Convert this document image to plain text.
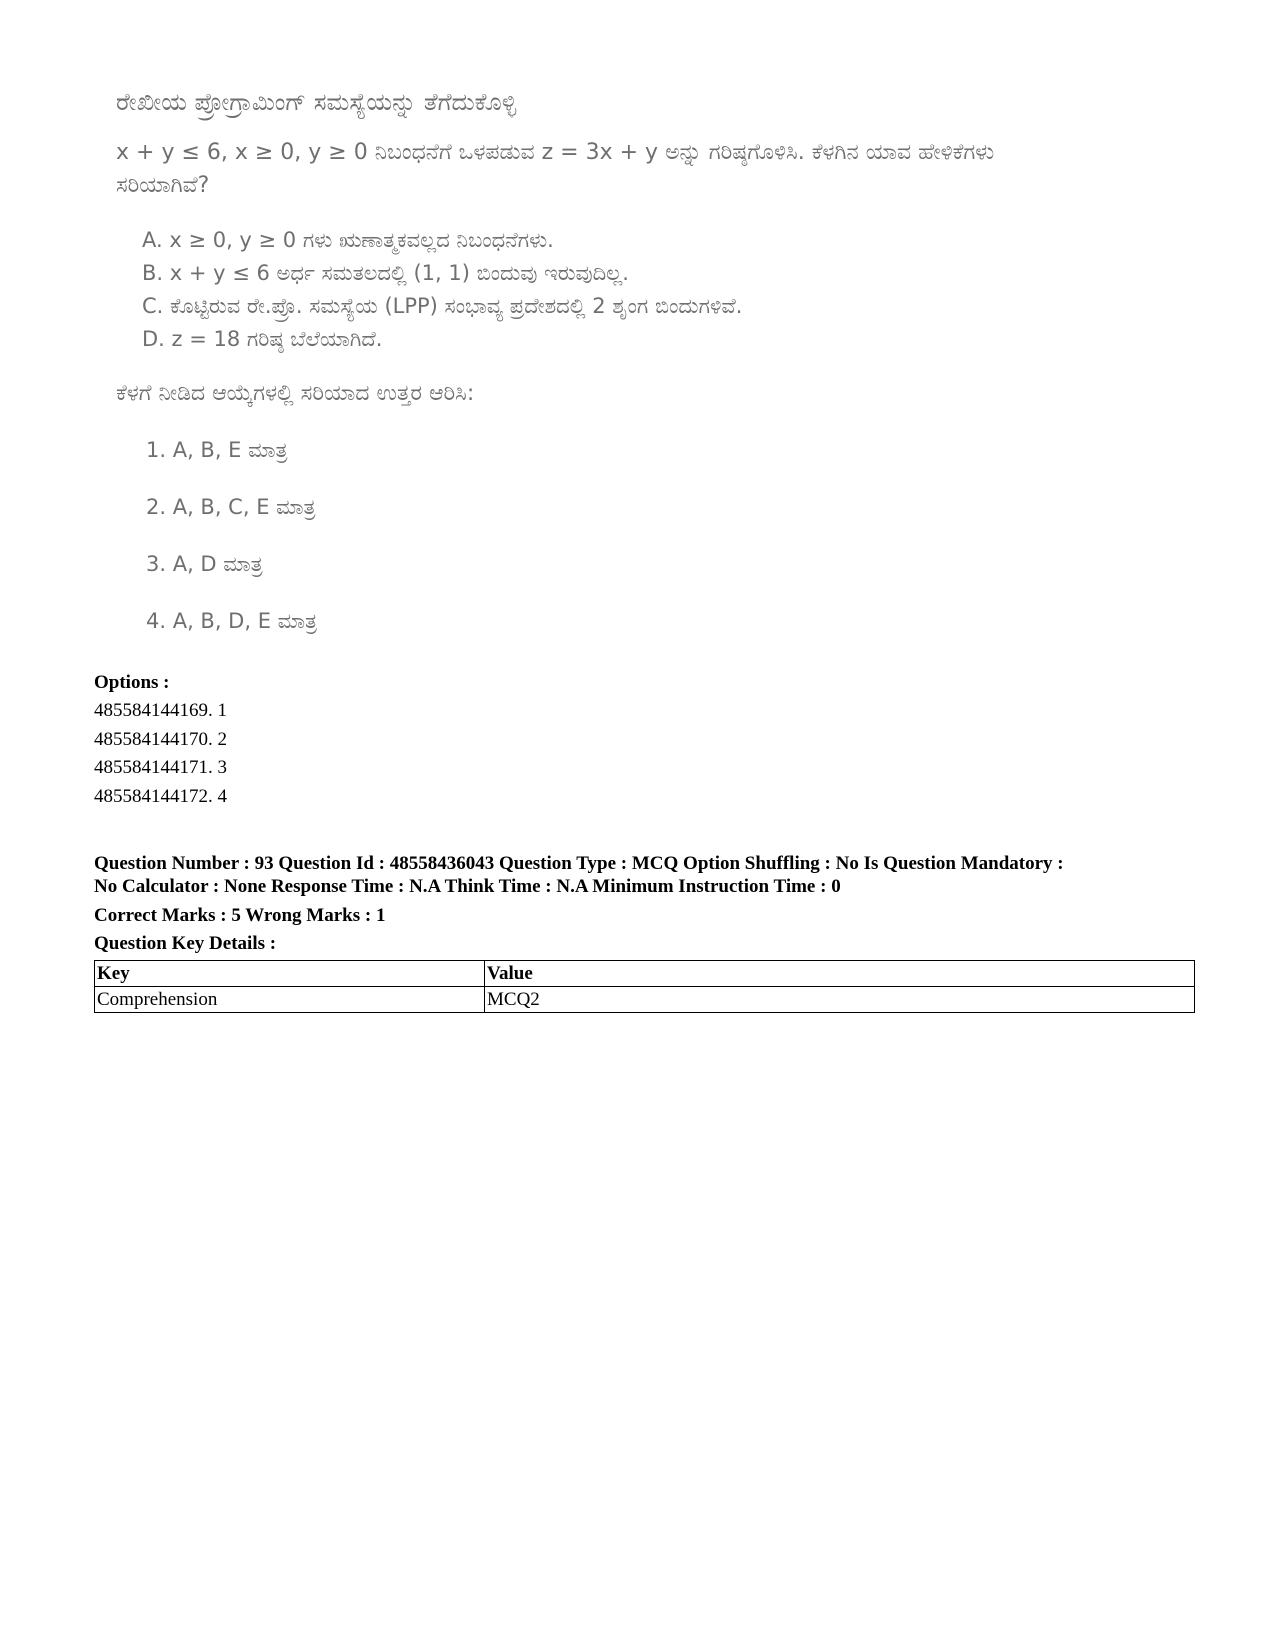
ರೇಖೀಯ ಪ್ರೋಗ್ರಾಮಿಂಗ್ ಸಮಸ್ಯೆಯನ್ನು ತೆಗೆದುಕೊಳ್ಳಿ
x + y ≤ 6, x ≥ 0, y ≥ 0 ನಿಬಂಧನೆಗೆ ಒಳಪಡುವ z = 3x + y ಅನ್ನು ಗರಿಷ್ಠಗೊಳಿಸಿ. ಕೆಳಗಿನ ಯಾವ ಹೇಳಿಕೆಗಳು
ಸರಿಯಾಗಿವೆ?
A. x ≥ 0, y ≥ 0 ಗಳು ಋಣಾತ್ಮಕವಲ್ಲದ ನಿಬಂಧನೆಗಳು.
B. x + y ≤ 6 ಅರ್ಧ ಸಮತಲದಲ್ಲಿ (1, 1) ಬಿಂದುವು ಇರುವುದಿಲ್ಲ.
C. ಕೊಟ್ಟಿರುವ ರೇ.ಪ್ರೊ. ಸಮಸ್ಯೆಯ (LPP) ಸಂಭಾವ್ಯ ಪ್ರದೇಶದಲ್ಲಿ 2 ಶೃಂಗ ಬಿಂದುಗಳಿವೆ.
D. z = 18 ಗರಿಷ್ಠ ಬೆಲೆಯಾಗಿದೆ.
ಕೆಳಗೆ ನೀಡಿದ ಆಯ್ಕೆಗಳಲ್ಲಿ ಸರಿಯಾದ ಉತ್ತರ ಆರಿಸಿ:
1. A, B, E ಮಾತ್ರ
2. A, B, C, E ಮಾತ್ರ
3. A, D ಮಾತ್ರ
4. A, B, D, E ಮಾತ್ರ
Options :
485584144169. 1
485584144170. 2
485584144171. 3
485584144172. 4
Question Number : 93 Question Id : 48558436043 Question Type : MCQ Option Shuffling : No Is Question Mandatory :
No Calculator : None Response Time : N.A Think Time : N.A Minimum Instruction Time : 0
Correct Marks : 5 Wrong Marks : 1
Question Key Details :
Key	Value
Comprehension	MCQ2
